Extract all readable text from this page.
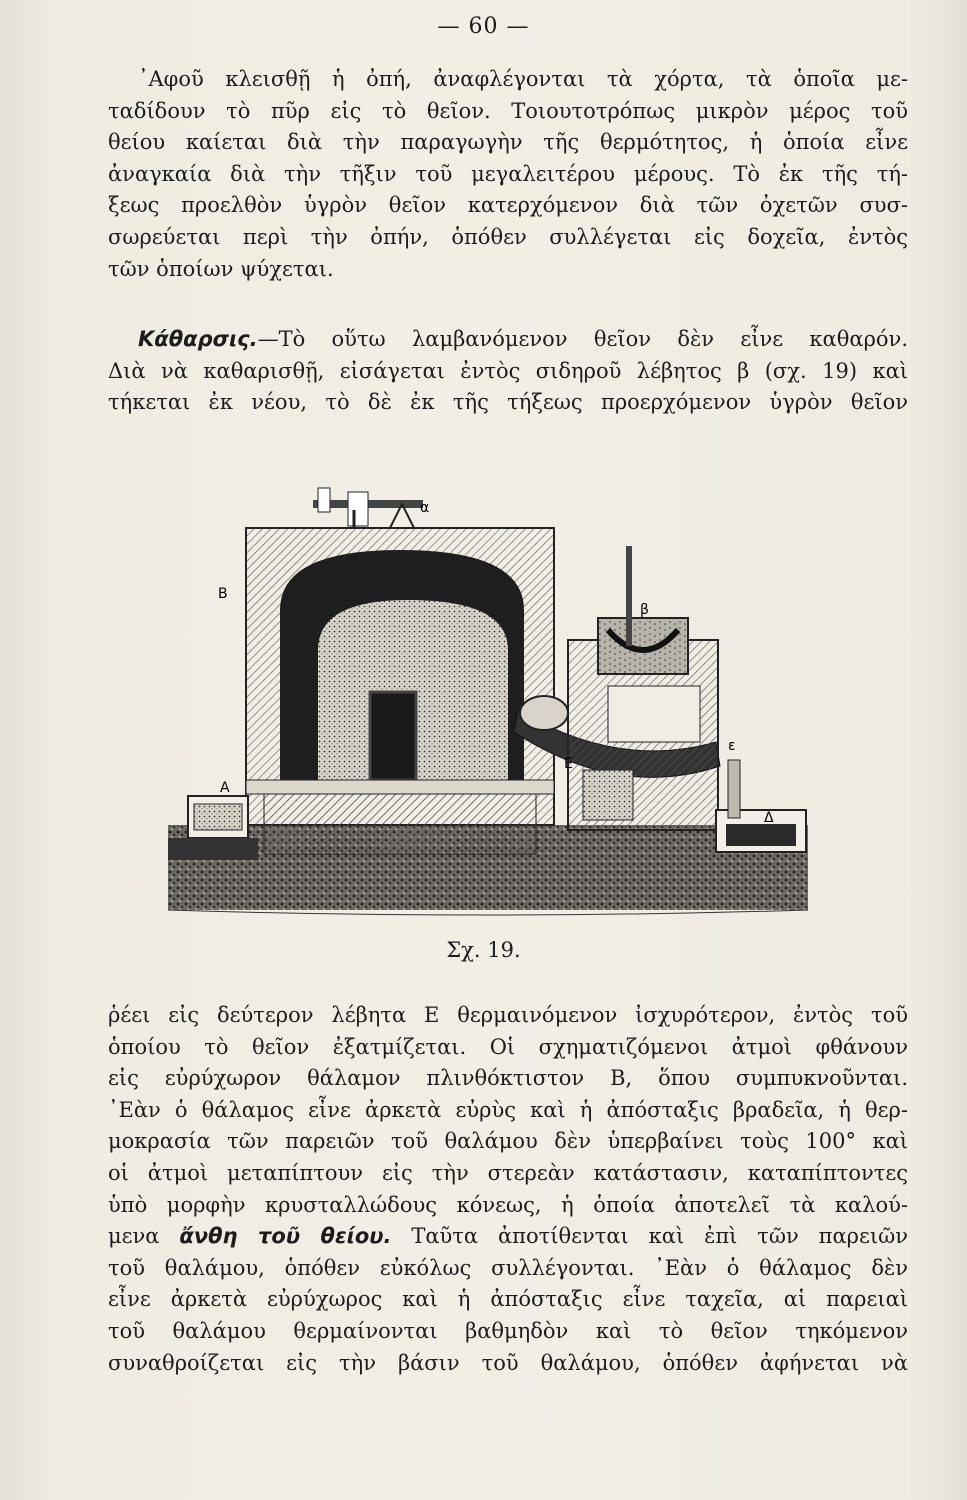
— 60 —
᾿Αφοῦ κλεισθῇ ἡ ὀπή, ἀναφλέγονται τὰ χόρτα, τὰ ὁποῖα με-
ταδίδουν τὸ πῦρ εἰς τὸ θεῖον. Τοιουτοτρόπως μικρὸν μέρος τοῦ
θείου καίεται διὰ τὴν παραγωγὴν τῆς θερμότητος, ἡ ὁποία εἶνε
ἀναγκαία διὰ τὴν τῆξιν τοῦ μεγαλειτέρου μέρους. Τὸ ἐκ τῆς τή-
ξεως προελθὸν ὑγρὸν θεῖον κατερχόμενον διὰ τῶν ὀχετῶν συσ-
σωρεύεται περὶ τὴν ὀπήν, ὁπόθεν συλλέγεται εἰς δοχεῖα, ἐντὸς
τῶν ὁποίων ψύχεται.
Κάθαρσις.—Τὸ οὕτω λαμβανόμενον θεῖον δὲν εἶνε καθαρόν.
Διὰ νὰ καθαρισθῇ, εἰσάγεται ἐντὸς σιδηροῦ λέβητος β (σχ. 19) καὶ
τήκεται ἐκ νέου, τὸ δὲ ἐκ τῆς τήξεως προερχόμενον ὑγρὸν θεῖον
Β
Α
Ε
Δ
β
α
ε
Σχ. 19.
ῥέει εἰς δεύτερον λέβητα Ε θερμαινόμενον ἰσχυρότερον, ἐντὸς τοῦ
ὁποίου τὸ θεῖον ἐξατμίζεται. Οἱ σχηματιζόμενοι ἀτμοὶ φθάνουν
εἰς εὐρύχωρον θάλαμον πλινθόκτιστον Β, ὅπου συμπυκνοῦνται.
᾿Εὰν ὁ θάλαμος εἶνε ἀρκετὰ εὐρὺς καὶ ἡ ἀπόσταξις βραδεῖα, ἡ θερ-
μοκρασία τῶν παρειῶν τοῦ θαλάμου δὲν ὑπερβαίνει τοὺς 100° καὶ
οἱ ἀτμοὶ μεταπίπτουν εἰς τὴν στερεὰν κατάστασιν, καταπίπτοντες
ὑπὸ μορφὴν κρυσταλλώδους κόνεως, ἡ ὁποία ἀποτελεῖ τὰ καλού-
μενα ἄνθη τοῦ θείου. Ταῦτα ἀποτίθενται καὶ ἐπὶ τῶν παρειῶν
τοῦ θαλάμου, ὁπόθεν εὐκόλως συλλέγονται. ᾿Εὰν ὁ θάλαμος δὲν
εἶνε ἀρκετὰ εὐρύχωρος καὶ ἡ ἀπόσταξις εἶνε ταχεῖα, αἱ παρειαὶ
τοῦ θαλάμου θερμαίνονται βαθμηδὸν καὶ τὸ θεῖον τηκόμενον
συναθροίζεται εἰς τὴν βάσιν τοῦ θαλάμου, ὁπόθεν ἀφήνεται νὰ
